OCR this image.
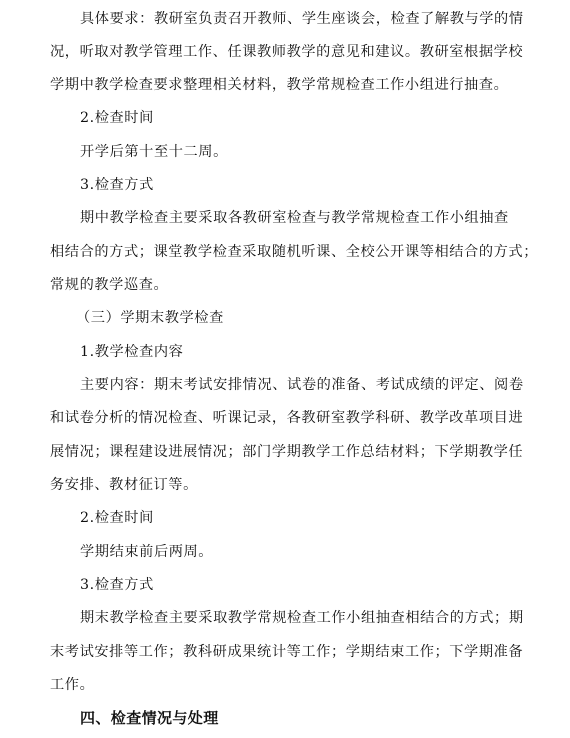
具体要求：教研室负责召开教师、学生座谈会，检查了解教与学的情
况，听取对教学管理工作、任课教师教学的意见和建议。教研室根据学校
学期中教学检查要求整理相关材料，教学常规检查工作小组进行抽查。
2.检查时间
开学后第十至十二周。
3.检查方式
期中教学检查主要采取各教研室检查与教学常规检查工作小组抽查
相结合的方式；课堂教学检查采取随机听课、全校公开课等相结合的方式；
常规的教学巡查。
（三）学期末教学检查
1.教学检查内容
主要内容：期末考试安排情况、试卷的准备、考试成绩的评定、阅卷
和试卷分析的情况检查、听课记录，各教研室教学科研、教学改革项目进
展情况；课程建设进展情况；部门学期教学工作总结材料；下学期教学任
务安排、教材征订等。
2.检查时间
学期结束前后两周。
3.检查方式
期末教学检查主要采取教学常规检查工作小组抽查相结合的方式；期
末考试安排等工作；教科研成果统计等工作；学期结束工作；下学期准备
工作。
四、检查情况与处理
